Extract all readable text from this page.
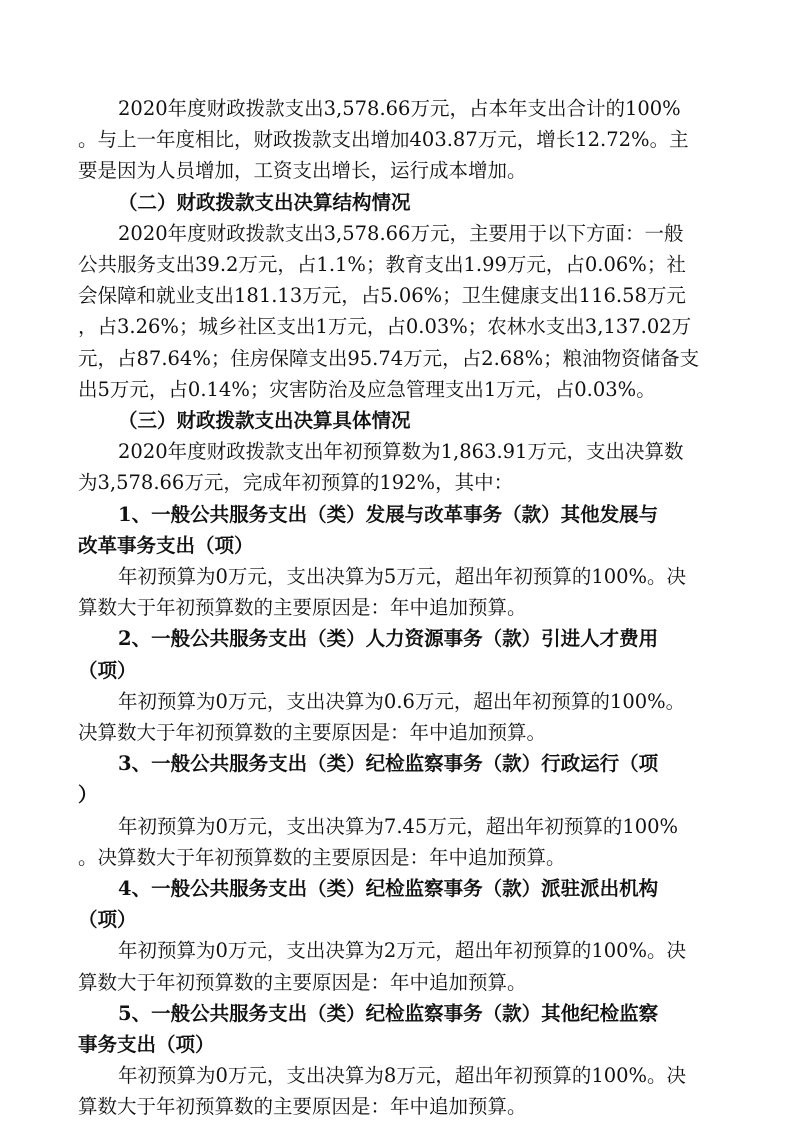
2020年度财政拨款支出3,578.66万元，占本年支出合计的100%
。与上一年度相比，财政拨款支出增加403.87万元，增长12.72%。主
要是因为人员增加，工资支出增长，运行成本增加。
（二）财政拨款支出决算结构情况
2020年度财政拨款支出3,578.66万元，主要用于以下方面：一般
公共服务支出39.2万元，占1.1%；教育支出1.99万元，占0.06%；社
会保障和就业支出181.13万元，占5.06%；卫生健康支出116.58万元
，占3.26%；城乡社区支出1万元，占0.03%；农林水支出3,137.02万
元，占87.64%；住房保障支出95.74万元，占2.68%；粮油物资储备支
出5万元，占0.14%；灾害防治及应急管理支出1万元，占0.03%。
（三）财政拨款支出决算具体情况
2020年度财政拨款支出年初预算数为1,863.91万元，支出决算数
为3,578.66万元，完成年初预算的192%，其中：
1、一般公共服务支出（类）发展与改革事务（款）其他发展与
改革事务支出（项）
年初预算为0万元，支出决算为5万元，超出年初预算的100%。决
算数大于年初预算数的主要原因是：年中追加预算。
2、一般公共服务支出（类）人力资源事务（款）引进人才费用
（项）
年初预算为0万元，支出决算为0.6万元，超出年初预算的100%。
决算数大于年初预算数的主要原因是：年中追加预算。
3、一般公共服务支出（类）纪检监察事务（款）行政运行（项
）
年初预算为0万元，支出决算为7.45万元，超出年初预算的100%
。决算数大于年初预算数的主要原因是：年中追加预算。
4、一般公共服务支出（类）纪检监察事务（款）派驻派出机构
（项）
年初预算为0万元，支出决算为2万元，超出年初预算的100%。决
算数大于年初预算数的主要原因是：年中追加预算。
5、一般公共服务支出（类）纪检监察事务（款）其他纪检监察
事务支出（项）
年初预算为0万元，支出决算为8万元，超出年初预算的100%。决
算数大于年初预算数的主要原因是：年中追加预算。
